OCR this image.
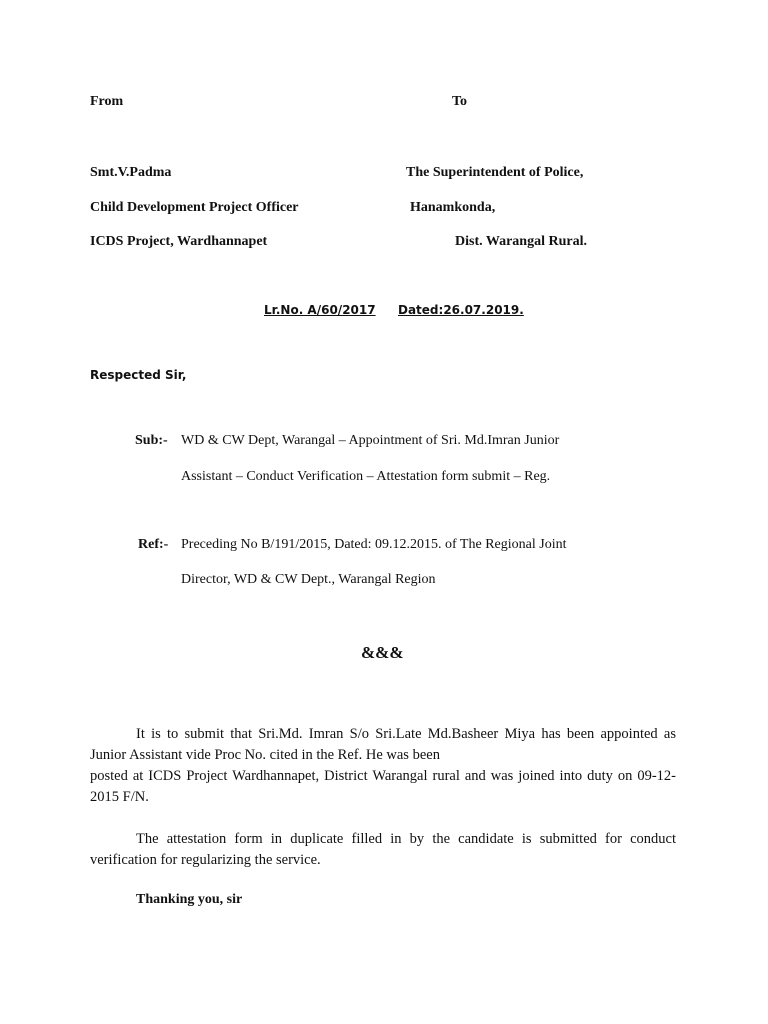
From	To
Smt.V.Padma
Child Development Project Officer
ICDS Project, Wardhannapet
The Superintendent of Police,
Hanamkonda,
Dist. Warangal Rural.
Lr.No. A/60/2017 Dated:26.07.2019.
Respected Sir,
Sub:- WD & CW Dept, Warangal – Appointment of Sri. Md.Imran Junior
Assistant – Conduct Verification – Attestation form submit – Reg.
Ref:- Preceding No B/191/2015, Dated: 09.12.2015. of The Regional Joint
Director, WD & CW Dept., Warangal Region
&&&

It is to submit that Sri.Md. Imran S/o Sri.Late Md.Basheer Miya has been appointed as Junior Assistant vide Proc No. cited in the Ref. He was been

posted at ICDS Project Wardhannapet, District Warangal rural and was joined into duty on 09-12-2015 F/N.

The attestation form in duplicate filled in by the candidate is submitted for conduct verification for regularizing the service.

Thanking you, sir
